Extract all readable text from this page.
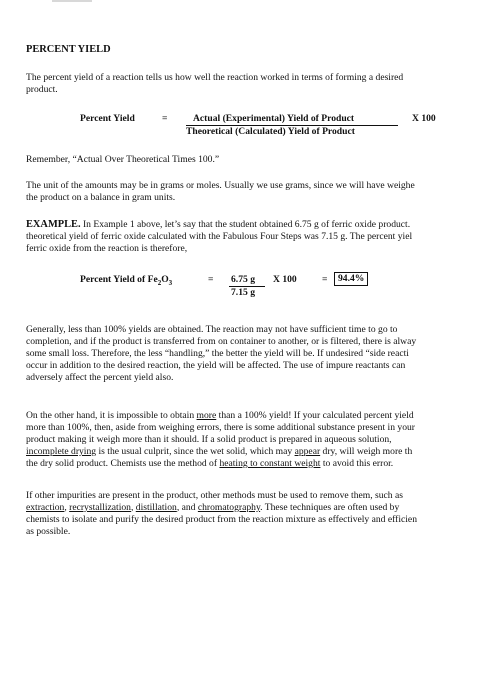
PERCENT YIELD
The percent yield of a reaction tells us how well the reaction worked in terms of forming a desired
product.
Percent Yield	=	Actual (Experimental) Yield of Product
Theoretical (Calculated) Yield of Product
X 100
Remember, “Actual Over Theoretical Times 100.”
The unit of the amounts may be in grams or moles. Usually we use grams, since we will have weighe
the product on a balance in gram units.
EXAMPLE. In Example 1 above, let’s say that the student obtained 6.75 g of ferric oxide product.
theoretical yield of ferric oxide calculated with the Fabulous Four Steps was 7.15 g. The percent yiel
ferric oxide from the reaction is therefore,
Percent Yield of $Fe_2O_3$	= 6.75 g
7.15 g
X 100	=	94.4%
Generally, less than 100% yields are obtained. The reaction may not have sufficient time to go to
completion, and if the product is transferred from on container to another, or is filtered, there is alway
some small loss. Therefore, the less “handling,” the better the yield will be. If undesired “side reacti
occur in addition to the desired reaction, the yield will be affected. The use of impure reactants can
adversely affect the percent yield also.
On the other hand, it is impossible to obtain more than a 100% yield! If your calculated percent yield
more than 100%, then, aside from weighing errors, there is some additional substance present in your
product making it weigh more than it should. If a solid product is prepared in aqueous solution,
incomplete drying is the usual culprit, since the wet solid, which may appear dry, will weigh more th
the dry solid product. Chemists use the method of heating to constant weight to avoid this error.
If other impurities are present in the product, other methods must be used to remove them, such as
extraction, recrystallization, distillation, and chromatography. These techniques are often used by
chemists to isolate and purify the desired product from the reaction mixture as effectively and efficien
as possible.
